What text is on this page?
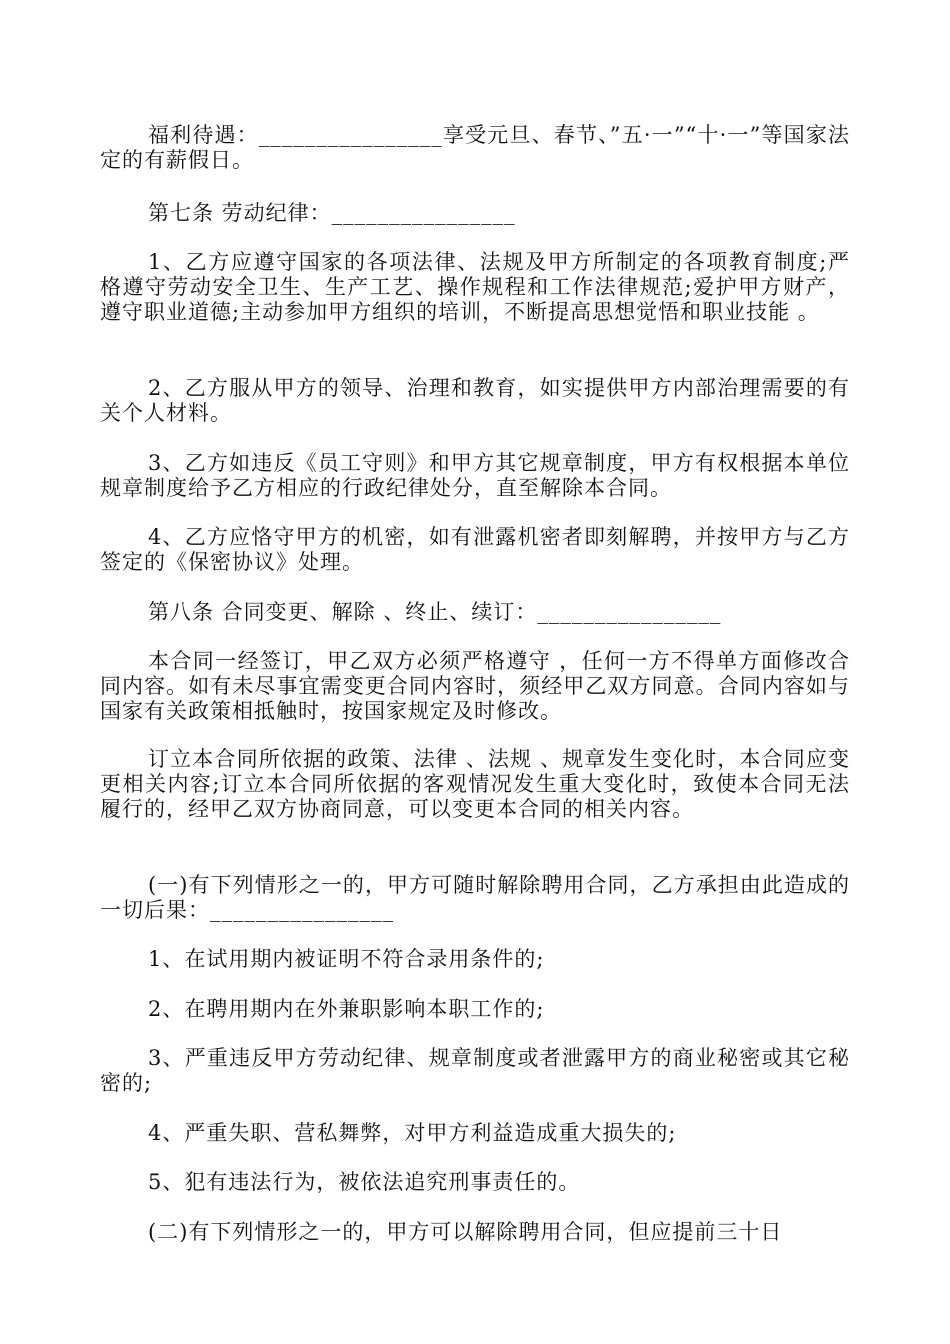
福利待遇：________________享受元旦、春节、”五·一”“十·一”等国家法定的有薪假日。

第七条 劳动纪律：________________

1、乙方应遵守国家的各项法律、法规及甲方所制定的各项教育制度;严格遵守劳动安全卫生、生产工艺、操作规程和工作法律规范;爱护甲方财产，遵守职业道德;主动参加甲方组织的培训，不断提高思想觉悟和职业技能 。

2、乙方服从甲方的领导、治理和教育，如实提供甲方内部治理需要的有关个人材料。

3、乙方如违反《员工守则》和甲方其它规章制度，甲方有权根据本单位规章制度给予乙方相应的行政纪律处分，直至解除本合同。

4、乙方应恪守甲方的机密，如有泄露机密者即刻解聘，并按甲方与乙方签定的《保密协议》处理。

第八条 合同变更、解除 、终止、续订：________________

本合同一经签订，甲乙双方必须严格遵守 ，任何一方不得单方面修改合同内容。如有未尽事宜需变更合同内容时，须经甲乙双方同意。合同内容如与国家有关政策相抵触时，按国家规定及时修改。

订立本合同所依据的政策、法律 、法规 、规章发生变化时，本合同应变更相关内容;订立本合同所依据的客观情况发生重大变化时，致使本合同无法履行的，经甲乙双方协商同意，可以变更本合同的相关内容。

(一)有下列情形之一的，甲方可随时解除聘用合同，乙方承担由此造成的一切后果：________________

1、在试用期内被证明不符合录用条件的;

2、在聘用期内在外兼职影响本职工作的;

3、严重违反甲方劳动纪律、规章制度或者泄露甲方的商业秘密或其它秘密的;

4、严重失职、营私舞弊，对甲方利益造成重大损失的;

5、犯有违法行为，被依法追究刑事责任的。

(二)有下列情形之一的，甲方可以解除聘用合同，但应提前三十日
